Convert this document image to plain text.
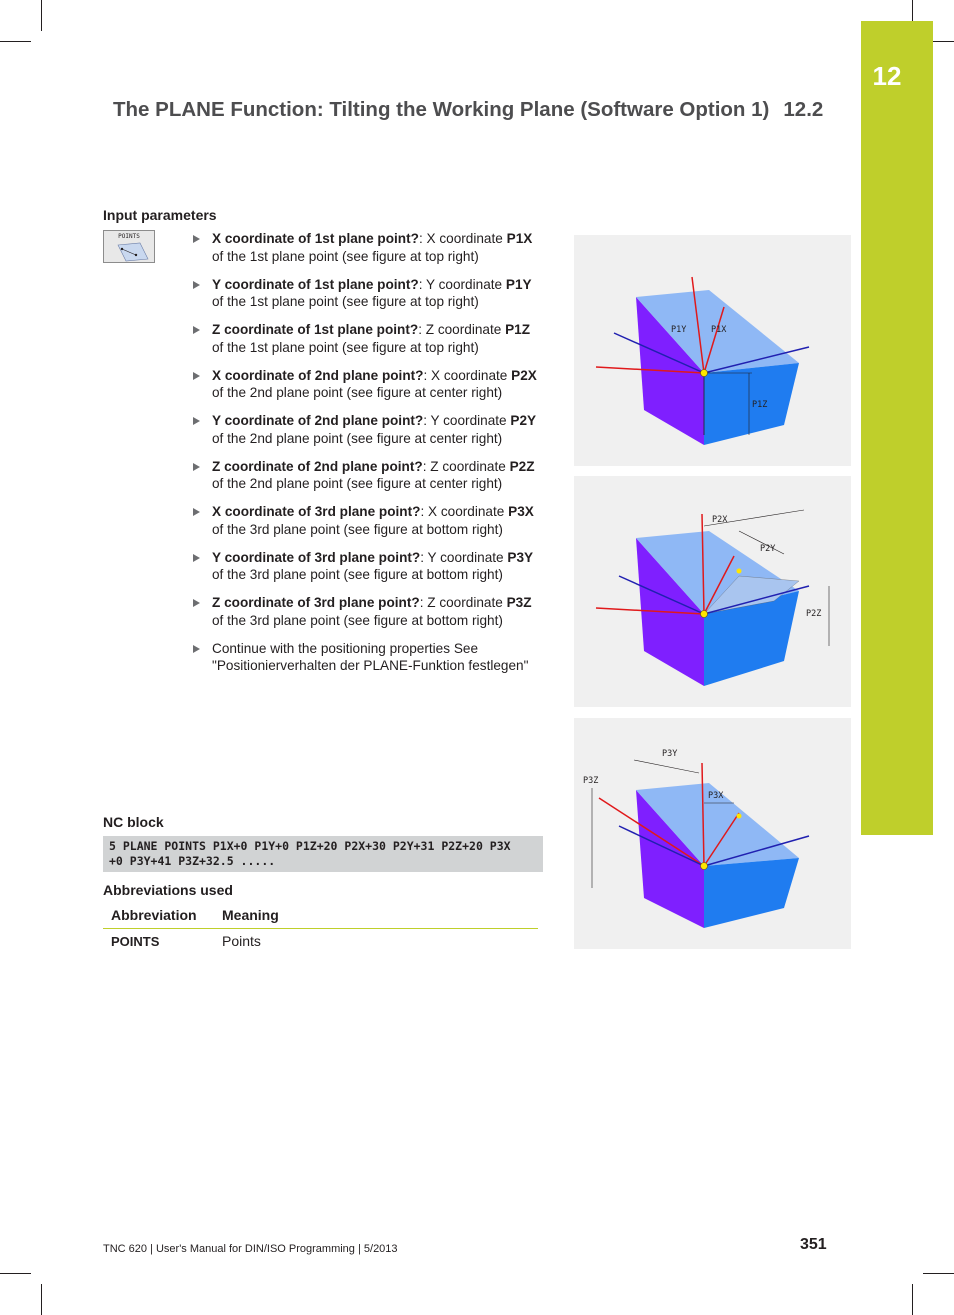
12
The PLANE Function: Tilting the Working Plane (Software Option 1) 12.2
Input parameters
POINTS	X coordinate of 1st plane point?: X coordinate P1X of the 1st plane point (see figure at top right)
Y coordinate of 1st plane point?: Y coordinate P1Y of the 1st plane point (see figure at top right)
Z coordinate of 1st plane point?: Z coordinate P1Z of the 1st plane point (see figure at top right)
X coordinate of 2nd plane point?: X coordinate P2X of the 2nd plane point (see figure at center right)
Y coordinate of 2nd plane point?: Y coordinate P2Y of the 2nd plane point (see figure at center right)
Z coordinate of 2nd plane point?: Z coordinate P2Z of the 2nd plane point (see figure at center right)
X coordinate of 3rd plane point?: X coordinate P3X of the 3rd plane point (see figure at bottom right)
Y coordinate of 3rd plane point?: Y coordinate P3Y of the 3rd plane point (see figure at bottom right)
Z coordinate of 3rd plane point?: Z coordinate P3Z of the 3rd plane point (see figure at bottom right)
Continue with the positioning properties See "Positionierverhalten der PLANE-Funktion festlegen"
NC block
5 PLANE POINTS P1X+0 P1Y+0 P1Z+20 P2X+30 P2Y+31 P2Z+20 P3X
+0 P3Y+41 P3Z+32.5 .....
Abbreviations used
Abbreviation	Meaning
POINTS	Points
P1Y	P1X
P1Z
P2X
P2Y
P2Z
P3Y
P3Z
P3X
TNC 620 | User's Manual for DIN/ISO Programming | 5/2013	351
